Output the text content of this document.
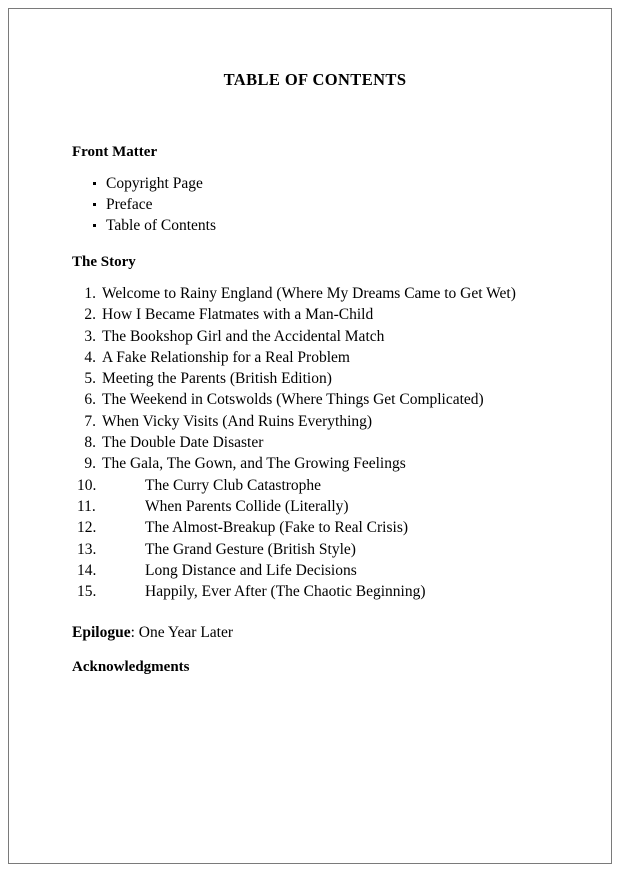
TABLE OF CONTENTS
Front Matter
Copyright Page
Preface
Table of Contents
The Story
1. Welcome to Rainy England (Where My Dreams Came to Get Wet)
2. How I Became Flatmates with a Man-Child
3. The Bookshop Girl and the Accidental Match
4. A Fake Relationship for a Real Problem
5. Meeting the Parents (British Edition)
6. The Weekend in Cotswolds (Where Things Get Complicated)
7. When Vicky Visits (And Ruins Everything)
8. The Double Date Disaster
9. The Gala, The Gown, and The Growing Feelings
10.	The Curry Club Catastrophe
11.	When Parents Collide (Literally)
12.	The Almost-Breakup (Fake to Real Crisis)
13.	The Grand Gesture (British Style)
14.	Long Distance and Life Decisions
15.	Happily, Ever After (The Chaotic Beginning)

Epilogue: One Year Later

Acknowledgments
